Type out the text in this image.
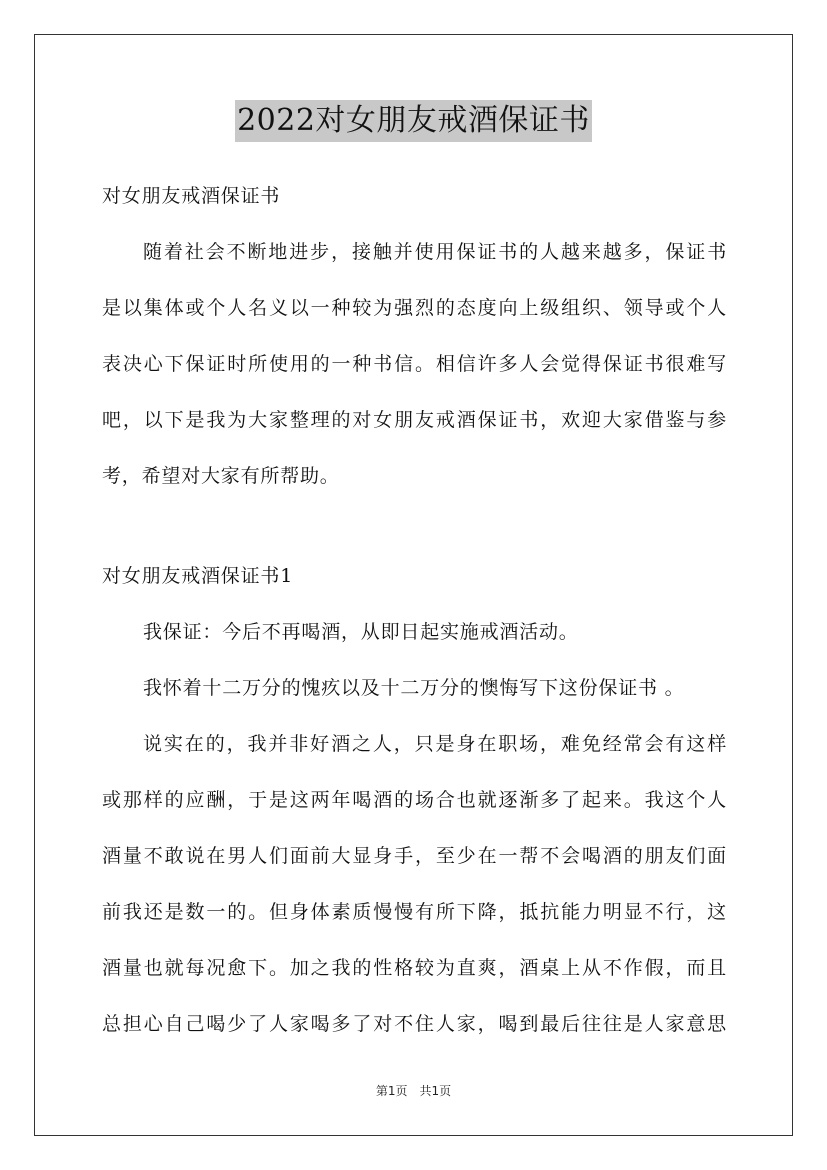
2022对女朋友戒酒保证书
对女朋友戒酒保证书
随着社会不断地进步，接触并使用保证书的人越来越多，保证书
是以集体或个人名义以一种较为强烈的态度向上级组织、领导或个人
表决心下保证时所使用的一种书信。相信许多人会觉得保证书很难写
吧，以下是我为大家整理的对女朋友戒酒保证书，欢迎大家借鉴与参
考，希望对大家有所帮助。
对女朋友戒酒保证书1
我保证：今后不再喝酒，从即日起实施戒酒活动。
我怀着十二万分的愧疚以及十二万分的懊悔写下这份保证书 。
说实在的，我并非好酒之人，只是身在职场，难免经常会有这样
或那样的应酬，于是这两年喝酒的场合也就逐渐多了起来。我这个人
酒量不敢说在男人们面前大显身手，至少在一帮不会喝酒的朋友们面
前我还是数一的。但身体素质慢慢有所下降，抵抗能力明显不行，这
酒量也就每况愈下。加之我的性格较为直爽，酒桌上从不作假，而且
总担心自己喝少了人家喝多了对不住人家，喝到最后往往是人家意思
第1页 共1页
